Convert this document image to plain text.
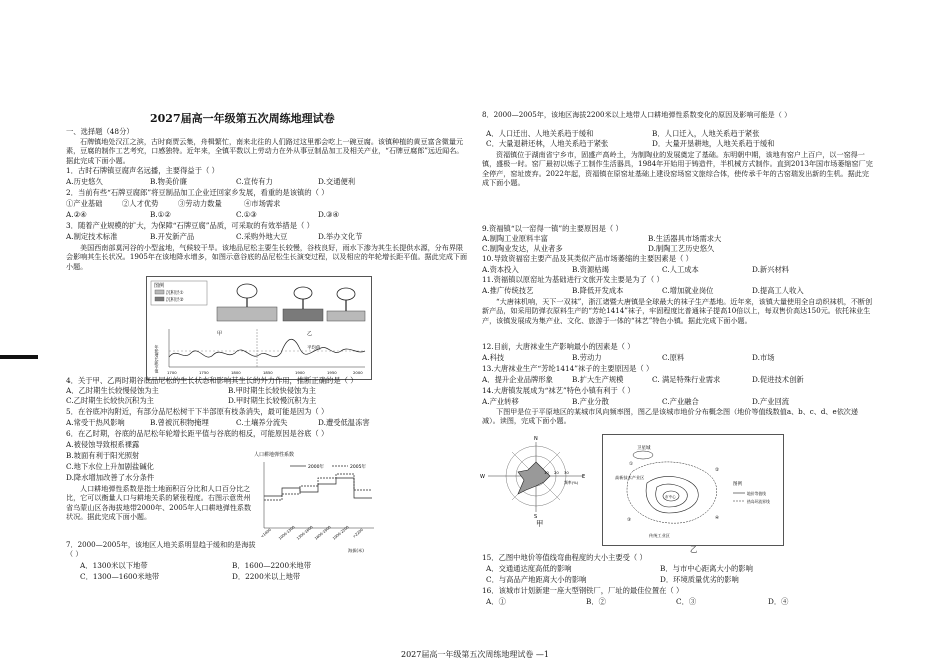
2027届高一年级第五次周练地理试卷
一、选择题（48分）
石牌镇地处汉江之滨，古时商贾云集，舟楫繁忙，南来北往的人们路过这里都会吃上一碗豆腐。该镇种植的黄豆富含微量元素，豆腐的制作工艺考究，口感独特。近年来，全镇平数以上劳动力在外从事豆制品加工及相关产业，“石牌豆腐郎”远近闻名。据此完成下面小题。
1．古时石牌镇豆腐声名远播，主要得益于（ ）
A.历史悠久	B.物美价廉	C.宣传有力	D.交通便利
2．当前有些“石牌豆腐郎”将豆制品加工企业迁回家乡发展，看重的是该镇的（ ）
①产业基础	②人才优势	③劳动力数量	④市场需求
A.②④	B.①②	C.①③	D.③④
3．随着产业规模的扩大，为保障“石牌豆腐”品质，可采取的有效举措是（ ）
A.制定技术标准	B.开发新产品	C.采购外地大豆	D.举办文化节
美国西南部莫河谷的小型盆地，气候较干旱。该地品尼松主要生长较慢，谷枝良好，雨水下渗为其生长提供水源，分布界限会影响其生长状况。1905年在该地降水增多，如图示意谷底的品尼松生长演变过程，以及相应的年轮增长距平值。据此完成下面小题。
图例
沉积层①
沉积层②
平均值
年轮增长距平值
甲	乙
1700	1750	1800	1850	1900	1950	2000
4．关于甲、乙两时期谷底品尼松的生长状态和影响其生长的外力作用，推断正确的是（ ）
A．乙时期生长较慢侵蚀为主	B.甲时期生长较快侵蚀为主
C.乙时期生长较快沉积为主	D.甲时期生长较慢沉积为主
5．在谷底冲沟附近，有部分品尼松树干下半部原有枝条消失，最可能是因为（ ）
A.常受干热风影响	B.曾被沉积物掩埋	C.土壤养分流失	D.遭受低温冻害
6．在乙时期，谷底的品尼松年轮增长距平值与谷底的相反，可能原因是谷底（ ）
A.被侵蚀导致根系裸露
B.坡面有利于阳光照射
C.地下水位上升加剧盐碱化
D.降水增加改善了水分条件
人口耕地弹性系数是指土地面积百分比和人口百分比之比，它可以衡量人口与耕地关系的紧张程度。右图示意贵州省乌蒙山区各海拔地带2000年、2005年人口耕地弹性系数状况。据此完成下面小题。
人口耕地弹性系数
2000年	2005年
<1000 1000-1300 1300-1600 1600-1900 1900-2200 >2200
海拔(米)
7．2000—2005年，该地区人地关系明显趋于缓和的是海拔（ ）
A．1300米以下地带	B．1600—2200米地带
C．1300—1600米地带	D．2200米以上地带
8．2000—2005年，该地区海拔2200米以上地带人口耕地弹性系数变化的原因及影响可能是（ ）
A．人口迁出、人地关系趋于缓和	B．人口迁入，人地关系趋于紧张
C．大量退耕还林，人地关系趋于紧张	D．大量开垦耕地，人地关系趋于缓和
资福镇位于湖南省宁乡市，固盛产高岭土，为制陶业的发展奠定了基础。东明朝中期，该地有窑户上百户，以一窑得一镇，盛极一时。窑厂最初以炼子工制作生活器具，1984年开始用于铸造件，半机械方式制作。直到2013年国市场萎缩窑厂完全停产，窑址废弃。2022年起，资福镇在原窑址基础上建设窑场窑文旅综合体，使传承千年的古窑瑞发出新的生机。据此完成下面小题。
9.资福镇“以一窑得一镇”的主要原因是（ ）
A.制陶工业原料丰富	B.生活器具市场需求大
C.制陶业发达，从业者多	D.制陶工艺历史悠久
10.导致资福窑主要产品及其类似产品市场萎缩的主要因素是（ ）
A.资本投入	B.资源枯竭	C.人工成本	D.新兴材料
11.资福镇以原窑址为基础进行文旅开发主要是为了（ ）
A.推广传统技艺	B.降低开发成本	C.增加就业岗位	D.提高工人收入
“大唐袜机响，天下一双袜”，浙江诸暨大唐镇是全球最大的袜子生产基地。近年来，该镇大量使用全自动织袜机，不断创新产品，如采用防弹衣原料生产的“芳纶1414”袜子，牢固程度比普通袜子提高10倍以上，每双售价高达150元。依托袜业生产，该镇发展成为集产业、文化、旅游于一体的“袜艺”特色小镇。据此完成下面小题。
12.目前，大唐袜业生产影响最小的因素是（ ）
A.科技	B.劳动力	C.原料	D.市场
13.大唐袜业生产“芳纶1414”袜子的主要原因是（ ）
A．提升企业品牌形象	B.扩大生产规模	C. 满足特殊行业需求	D.促进技术创新
14.大唐镇发展成为“袜艺”特色小镇有利于（ ）
A.产业转移	B.产业分散	C.产业融合	D.产业回流
下图甲是位于平原地区的某城市风向频率图，图乙是该城市地价分布概念图（地价等值线数值a、b、c、d、e依次递减）。读图，完成下面小题。
N
S
W	E
10 20 30
频率(%)
卫星城
高新技术产业区
市中心
传统工业区
①
②
③	④
图例
地价等值线
热岛环流界线
甲
乙
15．乙图中地价等值线弯曲程度的大小主要受（ ）
A．交通通达度高低的影响	B．与市中心距离大小的影响
C．与高品产地距离大小的影响	D．环境质量优劣的影响
16．该城市计划新建一座大型钢铁厂，厂址的最佳位置在（ ）
A．①	B．②	C．③	D．④
2027届高一年级第五次周练地理试卷 —1
